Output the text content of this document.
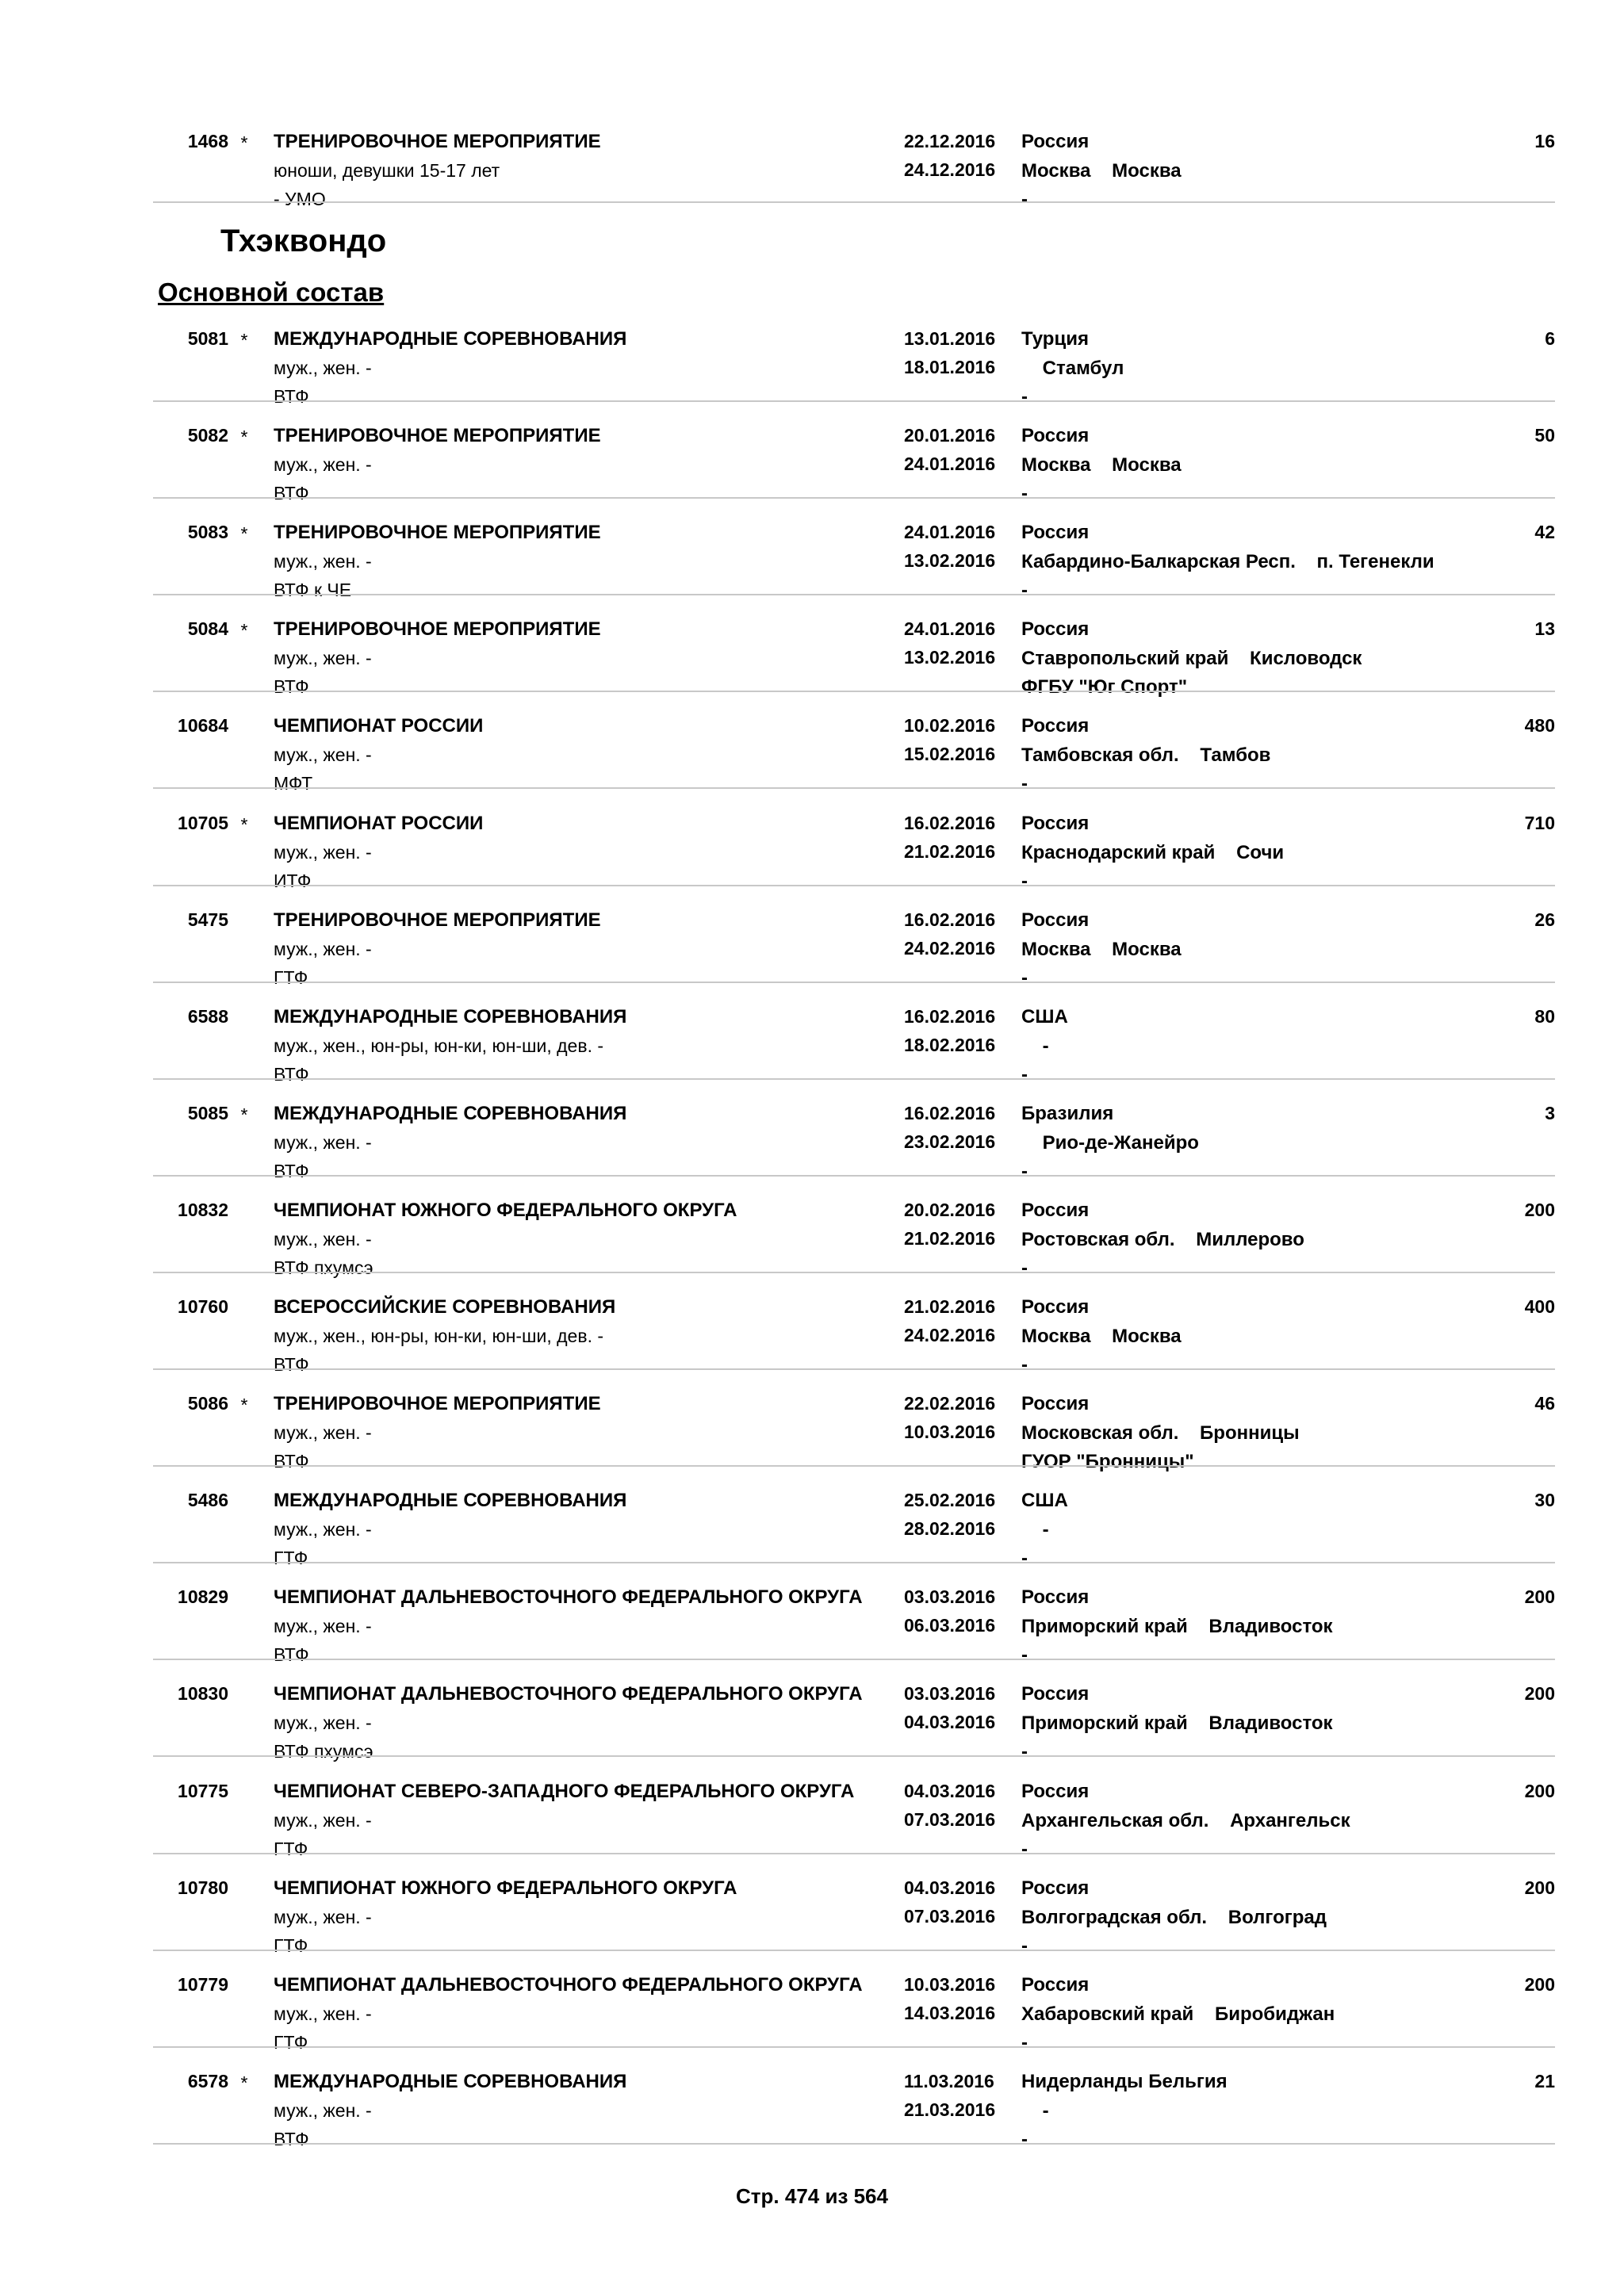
1468 * ТРЕНИРОВОЧНОЕ МЕРОПРИЯТИЕ
юноши, девушки 15-17 лет
- УМО
22.12.2016
24.12.2016
Россия
Москва    Москва
-
16
Тхэквондо
Основной состав
5081 * МЕЖДУНАРОДНЫЕ СОРЕВНОВАНИЯ
муж., жен. -
ВТФ
13.01.2016
18.01.2016
Турция
Стамбул
-
6
5082 * ТРЕНИРОВОЧНОЕ МЕРОПРИЯТИЕ
муж., жен. -
ВТФ
20.01.2016
24.01.2016
Россия
Москва    Москва
-
50
5083 * ТРЕНИРОВОЧНОЕ МЕРОПРИЯТИЕ
муж., жен. -
ВТФ к ЧЕ
24.01.2016
13.02.2016
Россия
Кабардино-Балкарская Респ.    п. Тегенекли
-
42
5084 * ТРЕНИРОВОЧНОЕ МЕРОПРИЯТИЕ
муж., жен. -
ВТФ
24.01.2016
13.02.2016
Россия
Ставропольский край    Кисловодск
ФГБУ "Юг Спорт"
13
10684 ЧЕМПИОНАТ РОССИИ
муж., жен. -
МФТ
10.02.2016
15.02.2016
Россия
Тамбовская обл.    Тамбов
-
480
10705 * ЧЕМПИОНАТ РОССИИ
муж., жен. -
ИТФ
16.02.2016
21.02.2016
Россия
Краснодарский край    Сочи
-
710
5475 ТРЕНИРОВОЧНОЕ МЕРОПРИЯТИЕ
муж., жен. -
ГТФ
16.02.2016
24.02.2016
Россия
Москва    Москва
-
26
6588 МЕЖДУНАРОДНЫЕ СОРЕВНОВАНИЯ
муж., жен., юн-ры, юн-ки, юн-ши, дев. -
ВТФ
16.02.2016
18.02.2016
США
-
-
80
5085 * МЕЖДУНАРОДНЫЕ СОРЕВНОВАНИЯ
муж., жен. -
ВТФ
16.02.2016
23.02.2016
Бразилия
Рио-де-Жанейро
-
3
10832 ЧЕМПИОНАТ ЮЖНОГО ФЕДЕРАЛЬНОГО ОКРУГА
муж., жен. -
ВТФ пхумсэ
20.02.2016
21.02.2016
Россия
Ростовская обл.    Миллерово
-
200
10760 ВСЕРОССИЙСКИЕ СОРЕВНОВАНИЯ
муж., жен., юн-ры, юн-ки, юн-ши, дев. -
ВТФ
21.02.2016
24.02.2016
Россия
Москва    Москва
-
400
5086 * ТРЕНИРОВОЧНОЕ МЕРОПРИЯТИЕ
муж., жен. -
ВТФ
22.02.2016
10.03.2016
Россия
Московская обл.    Бронницы
ГУОР "Бронницы"
46
5486 МЕЖДУНАРОДНЫЕ СОРЕВНОВАНИЯ
муж., жен. -
ГТФ
25.02.2016
28.02.2016
США
-
-
30
10829 ЧЕМПИОНАТ ДАЛЬНЕВОСТОЧНОГО ФЕДЕРАЛЬНОГО ОКРУГА
муж., жен. -
ВТФ
03.03.2016
06.03.2016
Россия
Приморский край    Владивосток
-
200
10830 ЧЕМПИОНАТ ДАЛЬНЕВОСТОЧНОГО ФЕДЕРАЛЬНОГО ОКРУГА
муж., жен. -
ВТФ пхумсэ
03.03.2016
04.03.2016
Россия
Приморский край    Владивосток
-
200
10775 ЧЕМПИОНАТ СЕВЕРО-ЗАПАДНОГО ФЕДЕРАЛЬНОГО ОКРУГА
муж., жен. -
ГТФ
04.03.2016
07.03.2016
Россия
Архангельская обл.    Архангельск
-
200
10780 ЧЕМПИОНАТ ЮЖНОГО ФЕДЕРАЛЬНОГО ОКРУГА
муж., жен. -
ГТФ
04.03.2016
07.03.2016
Россия
Волгоградская обл.    Волгоград
-
200
10779 ЧЕМПИОНАТ ДАЛЬНЕВОСТОЧНОГО ФЕДЕРАЛЬНОГО ОКРУГА
муж., жен. -
ГТФ
10.03.2016
14.03.2016
Россия
Хабаровский край    Биробиджан
-
200
6578 * МЕЖДУНАРОДНЫЕ СОРЕВНОВАНИЯ
муж., жен. -
ВТФ
11.03.2016
21.03.2016
Нидерланды Бельгия
-
-
21
Стр. 474 из 564
